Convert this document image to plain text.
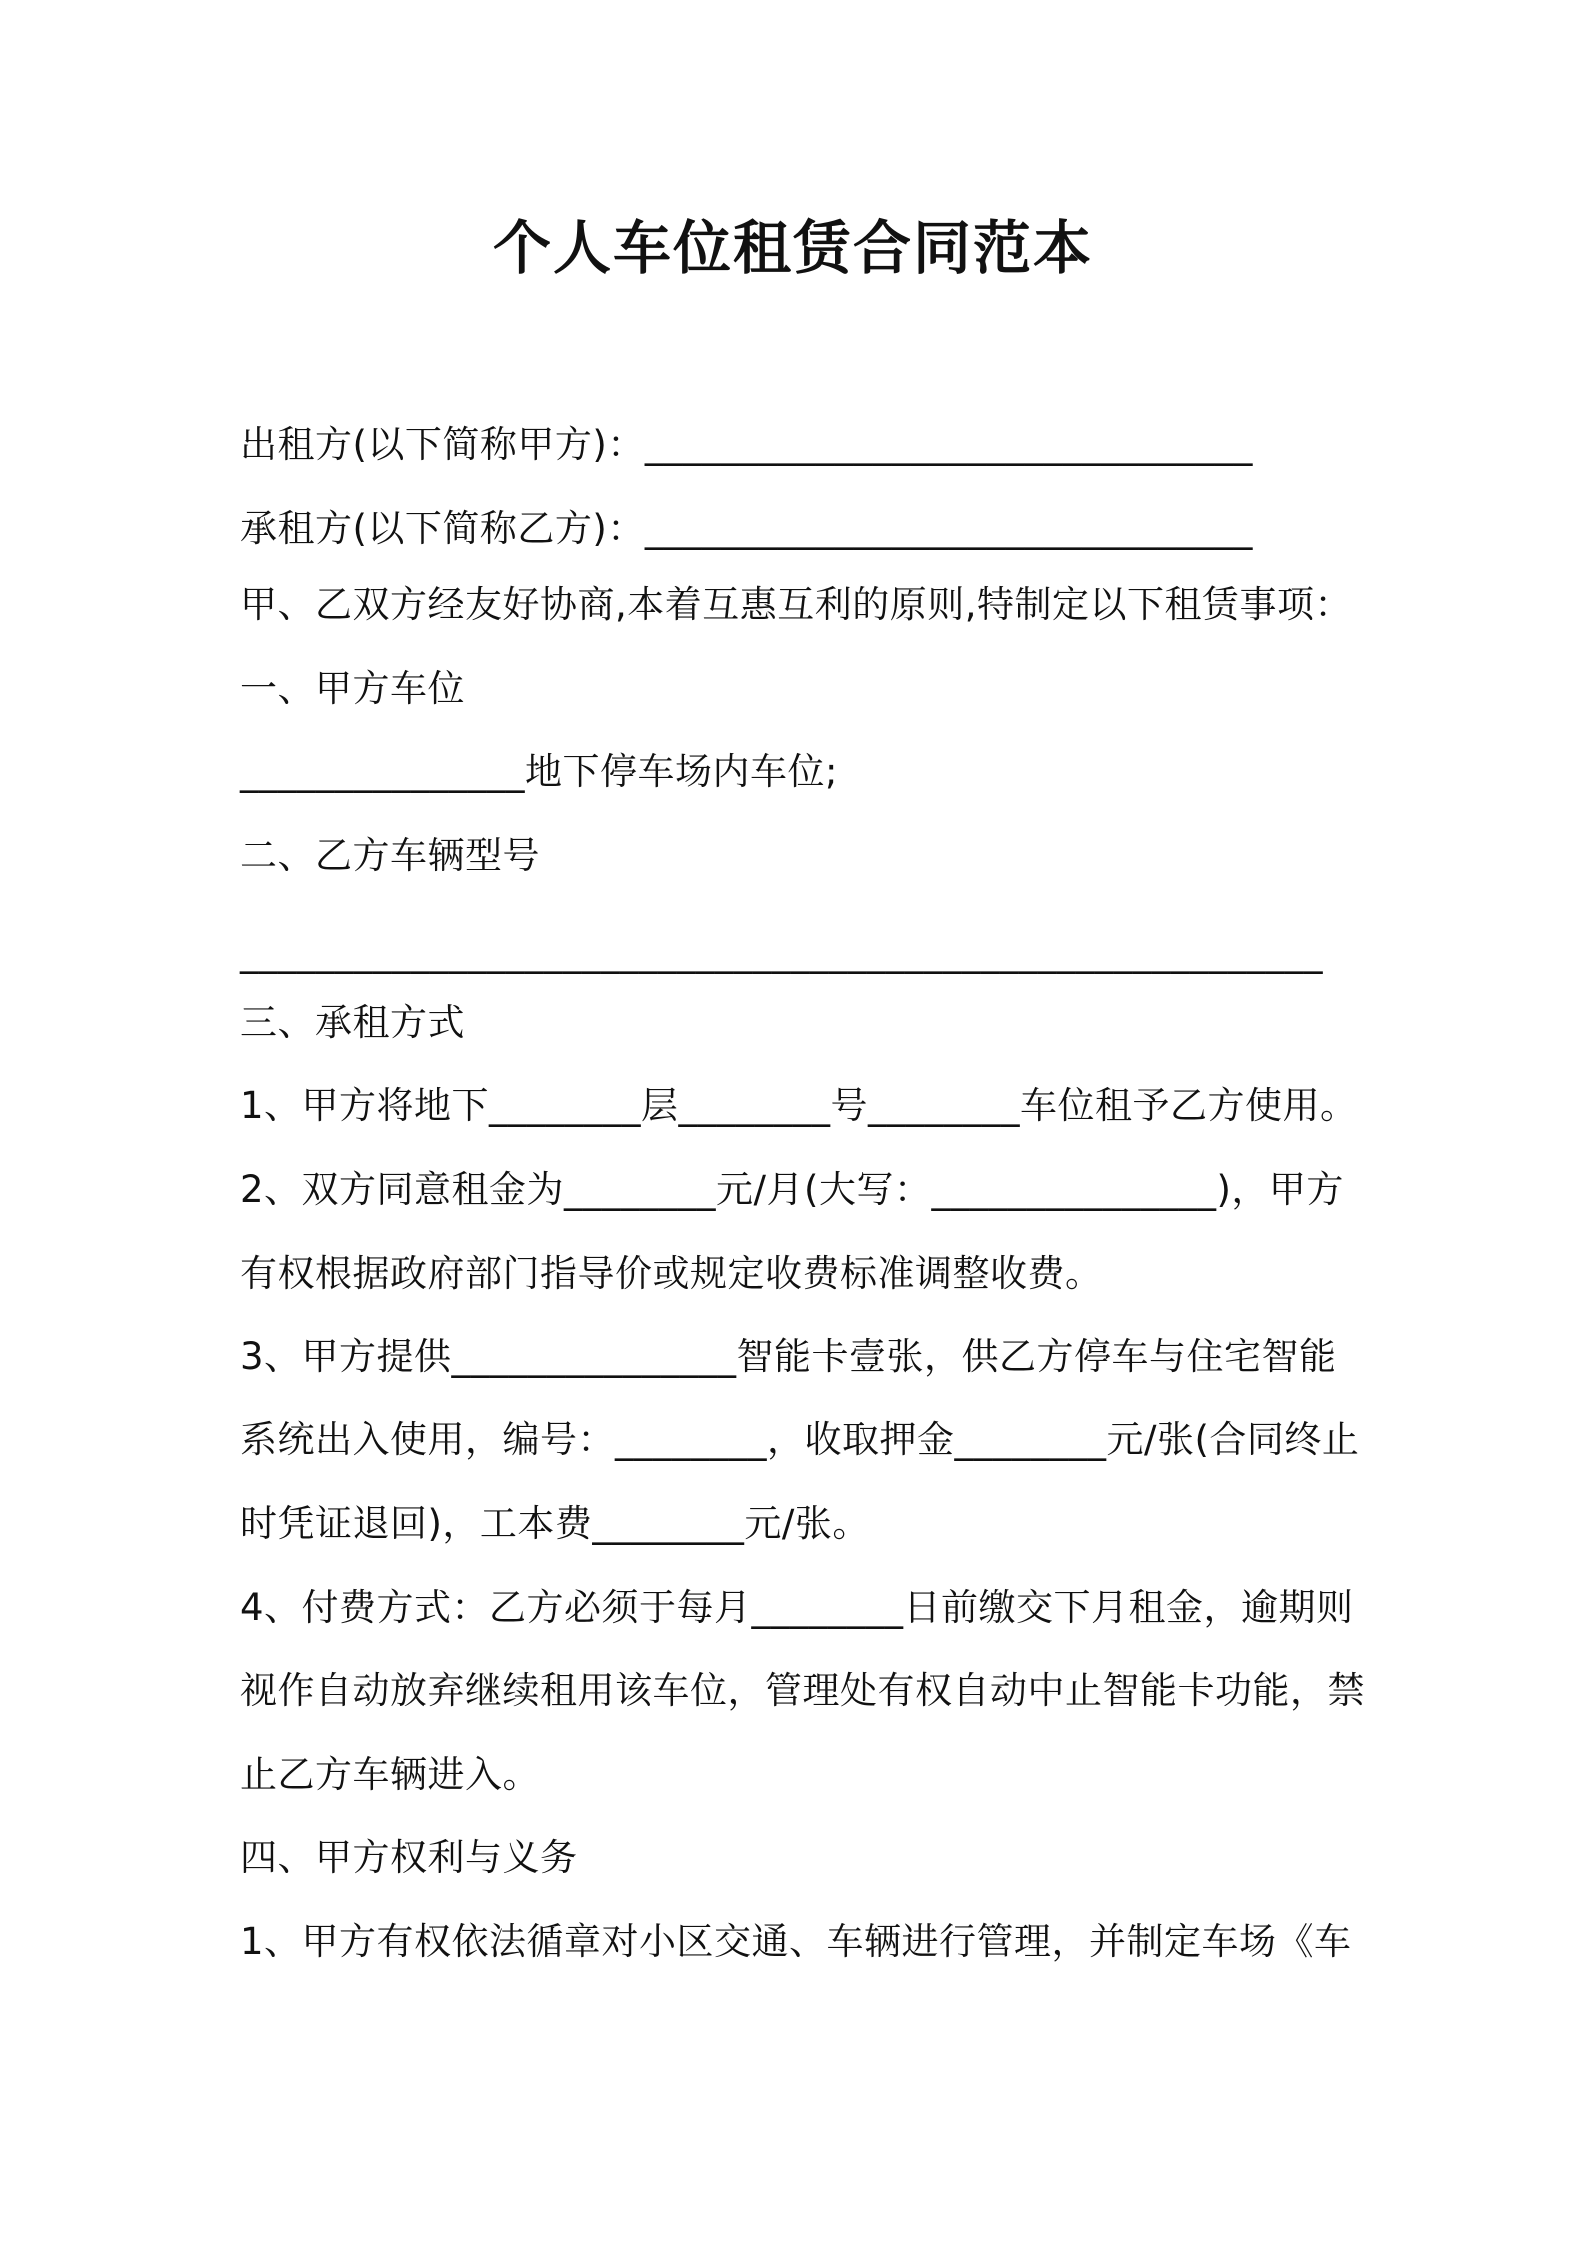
个人车位租赁合同范本
出租方(以下简称甲方)：________________________________
承租方(以下简称乙方)：________________________________
甲、乙双方经友好协商,本着互惠互利的原则,特制定以下租赁事项：
一、甲方车位
_______________地下停车场内车位;
二、乙方车辆型号
_________________________________________________________
三、承租方式
1、甲方将地下________层________号________车位租予乙方使用。
2、双方同意租金为________元/月(大写：_______________)，甲方
有权根据政府部门指导价或规定收费标准调整收费。
3、甲方提供_______________智能卡壹张，供乙方停车与住宅智能
系统出入使用，编号：________，收取押金________元/张(合同终止
时凭证退回)，工本费________元/张。
4、付费方式：乙方必须于每月________日前缴交下月租金，逾期则
视作自动放弃继续租用该车位，管理处有权自动中止智能卡功能，禁
止乙方车辆进入。
四、甲方权利与义务
1、甲方有权依法循章对小区交通、车辆进行管理，并制定车场《车
